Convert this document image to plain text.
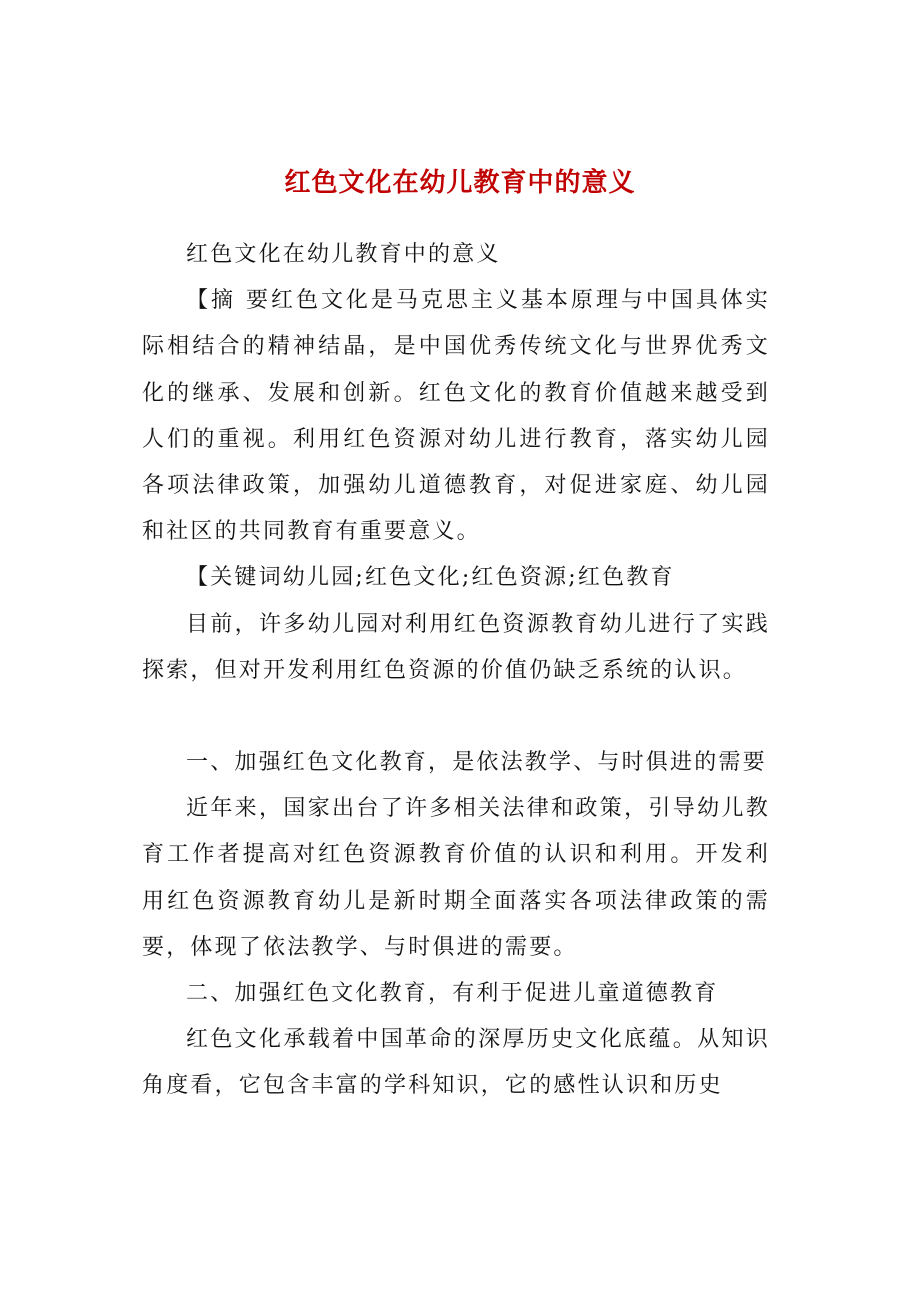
红色文化在幼儿教育中的意义

红色文化在幼儿教育中的意义

【摘 要红色文化是马克思主义基本原理与中国具体实际相结合的精神结晶，是中国优秀传统文化与世界优秀文化的继承、发展和创新。红色文化的教育价值越来越受到人们的重视。利用红色资源对幼儿进行教育，落实幼儿园各项法律政策，加强幼儿道德教育，对促进家庭、幼儿园和社区的共同教育有重要意义。

【关键词幼儿园;红色文化;红色资源;红色教育

目前，许多幼儿园对利用红色资源教育幼儿进行了实践探索，但对开发利用红色资源的价值仍缺乏系统的认识。

一、加强红色文化教育，是依法教学、与时俱进的需要

近年来，国家出台了许多相关法律和政策，引导幼儿教育工作者提高对红色资源教育价值的认识和利用。开发利用红色资源教育幼儿是新时期全面落实各项法律政策的需要，体现了依法教学、与时俱进的需要。

二、加强红色文化教育，有利于促进儿童道德教育

红色文化承载着中国革命的深厚历史文化底蕴。从知识角度看，它包含丰富的学科知识，它的感性认识和历史
